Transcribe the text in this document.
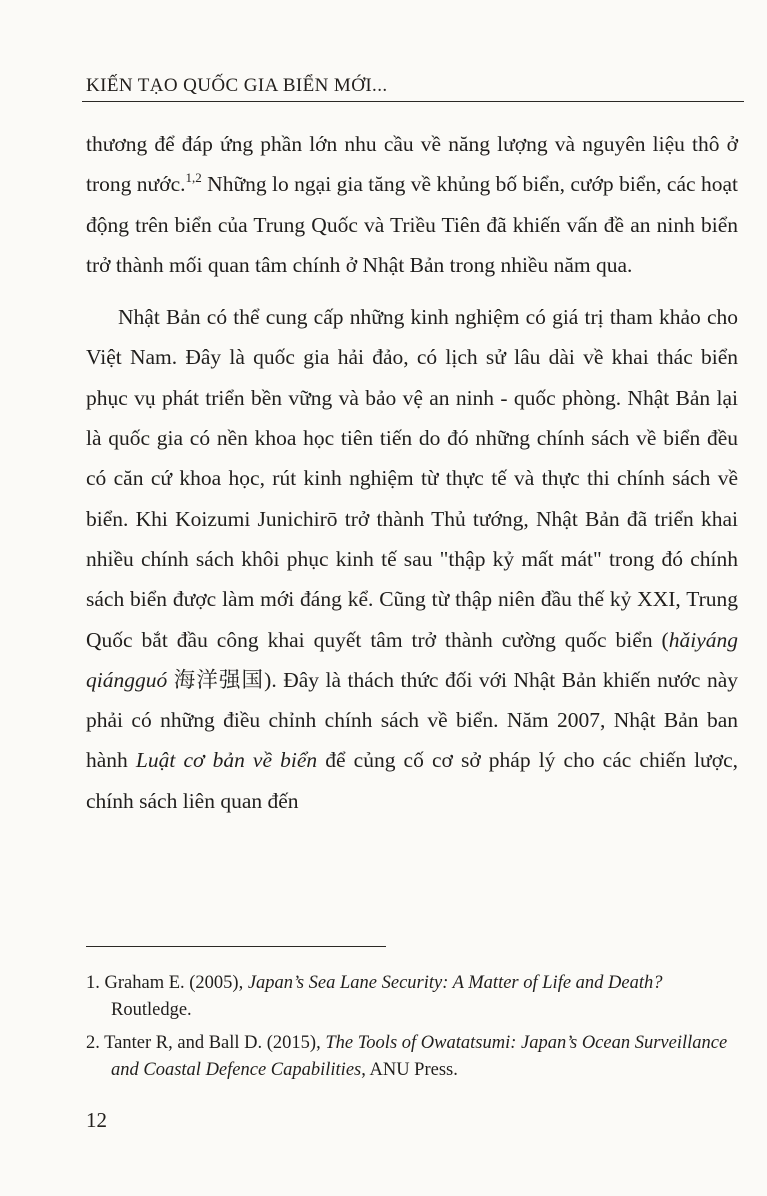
KIẾN TẠO QUỐC GIA BIỂN MỚI...

thương để đáp ứng phần lớn nhu cầu về năng lượng và nguyên liệu thô ở trong nước.$^{1,2}$ Những lo ngại gia tăng về khủng bố biển, cướp biển, các hoạt động trên biển của Trung Quốc và Triều Tiên đã khiến vấn đề an ninh biển trở thành mối quan tâm chính ở Nhật Bản trong nhiều năm qua.

Nhật Bản có thể cung cấp những kinh nghiệm có giá trị tham khảo cho Việt Nam. Đây là quốc gia hải đảo, có lịch sử lâu dài về khai thác biển phục vụ phát triển bền vững và bảo vệ an ninh - quốc phòng. Nhật Bản lại là quốc gia có nền khoa học tiên tiến do đó những chính sách về biển đều có căn cứ khoa học, rút kinh nghiệm từ thực tế và thực thi chính sách về biển. Khi Koizumi Junichirō trở thành Thủ tướng, Nhật Bản đã triển khai nhiều chính sách khôi phục kinh tế sau "thập kỷ mất mát" trong đó chính sách biển được làm mới đáng kể. Cũng từ thập niên đầu thế kỷ XXI, Trung Quốc bắt đầu công khai quyết tâm trở thành cường quốc biển (hǎiyáng qiángguó 海洋强国). Đây là thách thức đối với Nhật Bản khiến nước này phải có những điều chỉnh chính sách về biển. Năm 2007, Nhật Bản ban hành Luật cơ bản về biển để củng cố cơ sở pháp lý cho các chiến lược, chính sách liên quan đến

1. Graham E. (2005), Japan’s Sea Lane Security: A Matter of Life and Death? Routledge.
2. Tanter R, and Ball D. (2015), The Tools of Owatatsumi: Japan’s Ocean Surveillance and Coastal Defence Capabilities, ANU Press.
12
